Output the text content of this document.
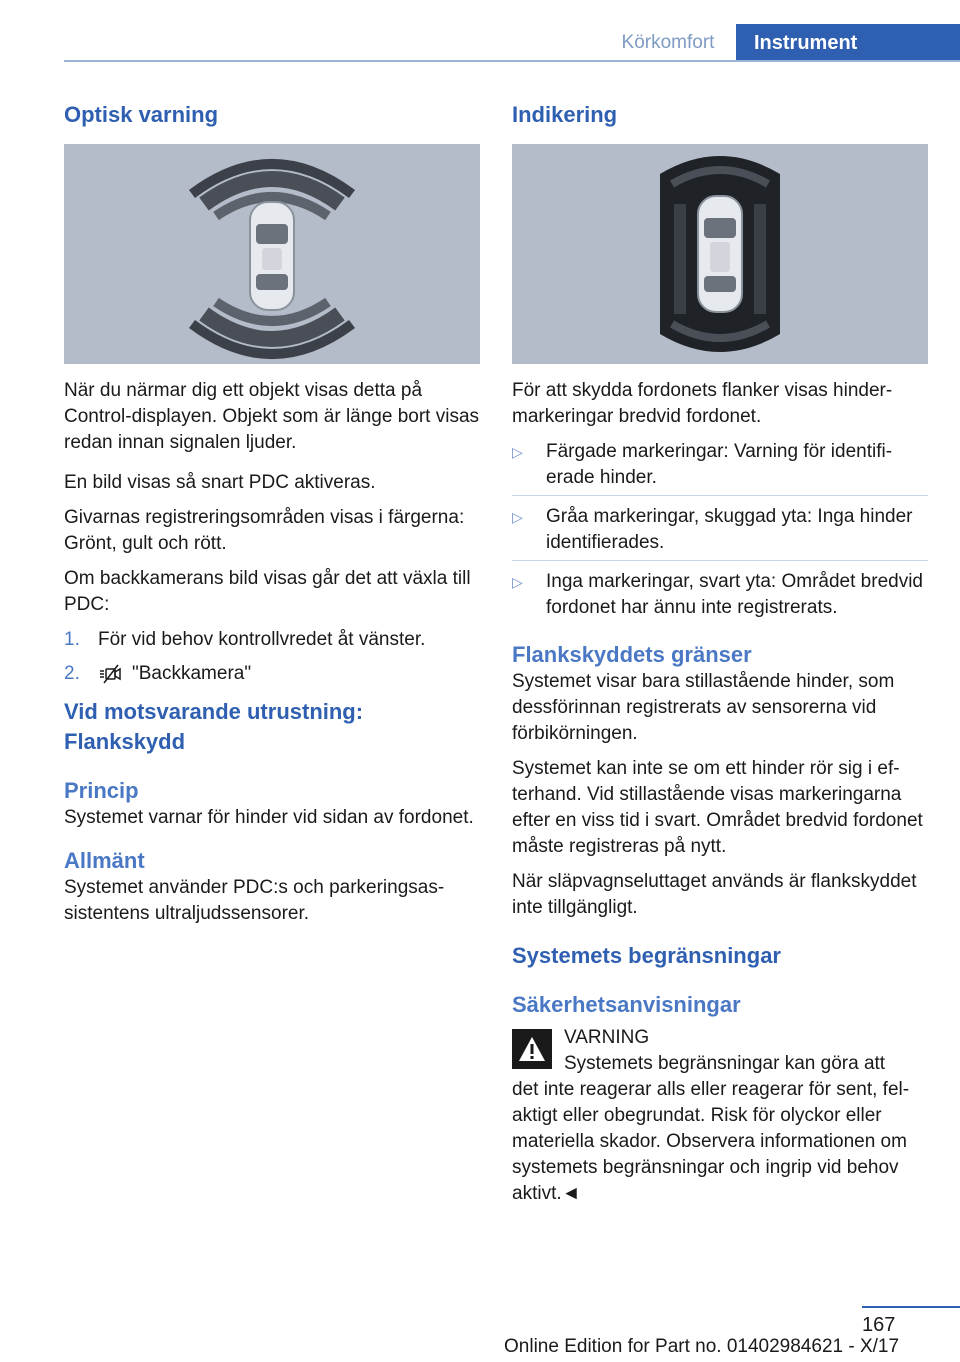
Körkomfort	Instrument
Optisk varning

När du närmar dig ett objekt visas detta på Control-displayen. Objekt som är länge bort visas redan innan signalen ljuder.

En bild visas så snart PDC aktiveras.

Givarnas registreringsområden visas i färgerna: Grönt, gult och rött.

Om backkamerans bild visas går det att växla till PDC:

1. För vid behov kontrollvredet åt vänster.
2.	"Backkamera"
Vid motsvarande utrustning: Flankskydd
Princip

Systemet varnar för hinder vid sidan av fordonet.

Allmänt

Systemet använder PDC:s och parkeringsassistentens ultraljudssensorer.

Indikering

För att skydda fordonets flanker visas hindermarkeringar bredvid fordonet.

▷	Färgade markeringar: Varning för identifierade hinder.
▷	Gråa markeringar, skuggad yta: Inga hinder identifierades.
▷	Inga markeringar, svart yta: Området bredvid fordonet har ännu inte registrerats.
Flankskyddets gränser

Systemet visar bara stillastående hinder, som dessförinnan registrerats av sensorerna vid förbikörningen.

Systemet kan inte se om ett hinder rör sig i efterhand. Vid stillastående visas markeringarna efter en viss tid i svart. Området bredvid fordonet måste registreras på nytt.

När släpvagnseluttaget används är flankskyddet inte tillgängligt.

Systemets begränsningar
Säkerhetsanvisningar
VARNING
Systemets begränsningar kan göra att
det inte reagerar alls eller reagerar för sent, felaktigt eller obegrundat. Risk för olyckor eller materiella skador. Observera informationen om systemets begränsningar och ingrip vid behov aktivt.◄
167
Online Edition for Part no. 01402984621 - X/17
